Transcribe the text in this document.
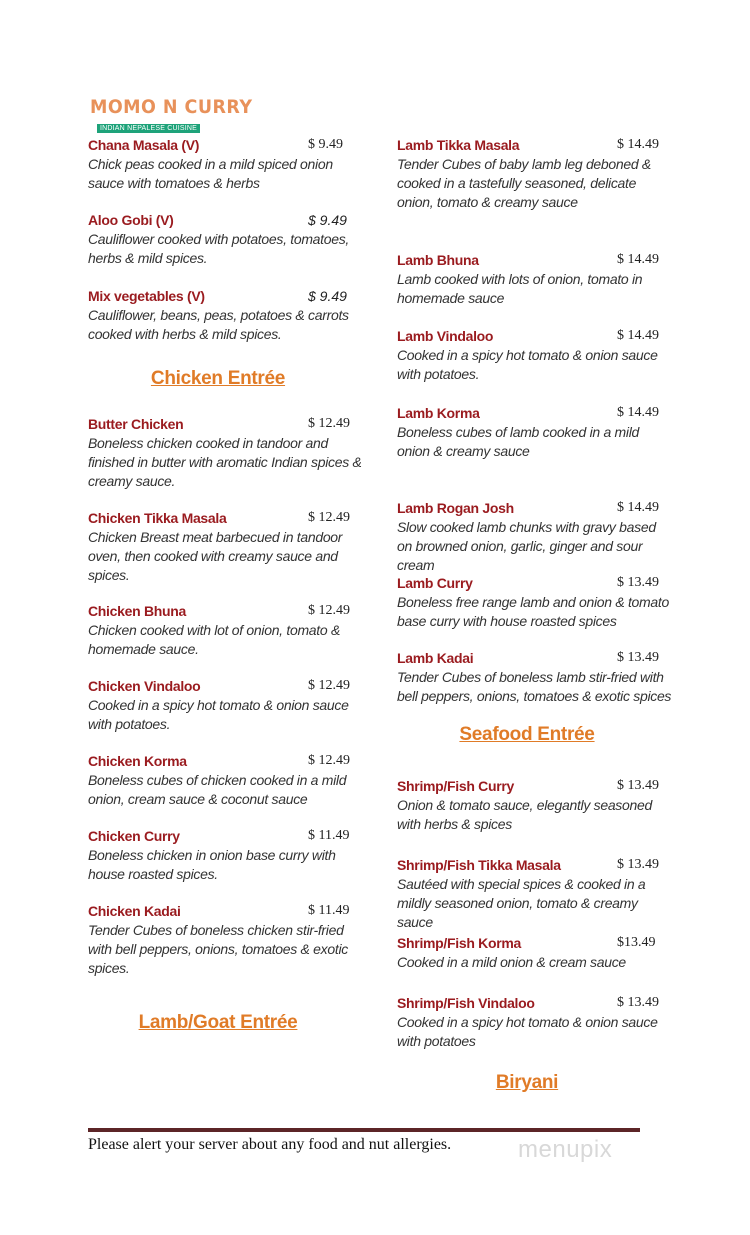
MOMO N CURRY
INDIAN NEPALESE CUISINE
Chana Masala (V)	$ 9.49
Chick peas cooked in a mild spiced onion sauce with tomatoes & herbs
Aloo Gobi (V)	$ 9.49
Cauliflower cooked with potatoes, tomatoes, herbs & mild spices.
Mix vegetables (V)	$ 9.49
Cauliflower, beans, peas, potatoes & carrots cooked with herbs & mild spices.
Chicken Entrée
Butter Chicken	$ 12.49
Boneless chicken cooked in tandoor and finished in butter with aromatic Indian spices & creamy sauce.
Chicken Tikka Masala	$ 12.49
Chicken Breast meat barbecued in tandoor oven, then cooked with creamy sauce and spices.
Chicken Bhuna	$ 12.49
Chicken cooked with lot of onion, tomato & homemade sauce.
Chicken Vindaloo	$ 12.49
Cooked in a spicy hot tomato & onion sauce with potatoes.
Chicken Korma	$ 12.49
Boneless cubes of chicken cooked in a mild onion, cream sauce & coconut sauce
Chicken Curry	$ 11.49
Boneless chicken in onion base curry with house roasted spices.
Chicken Kadai	$ 11.49
Tender Cubes of boneless chicken stir-fried with bell peppers, onions, tomatoes & exotic spices.
Lamb/Goat Entrée
Lamb Tikka Masala	$ 14.49
Tender Cubes of baby lamb leg deboned & cooked in a tastefully seasoned, delicate onion, tomato & creamy sauce
Lamb Bhuna	$ 14.49
Lamb cooked with lots of onion, tomato in homemade sauce
Lamb Vindaloo	$ 14.49
Cooked in a spicy hot tomato & onion sauce with potatoes.
Lamb Korma	$ 14.49
Boneless cubes of lamb cooked in a mild onion & creamy sauce
Lamb Rogan Josh	$ 14.49
Slow cooked lamb chunks with gravy based on browned onion, garlic, ginger and sour cream
Lamb Curry	$ 13.49
Boneless free range lamb and onion & tomato base curry with house roasted spices
Lamb Kadai	$ 13.49
Tender Cubes of boneless lamb stir-fried with bell peppers, onions, tomatoes & exotic spices
Seafood Entrée
Shrimp/Fish Curry	$ 13.49
Onion & tomato sauce, elegantly seasoned with herbs & spices
Shrimp/Fish Tikka Masala	$ 13.49
Sautéed with special spices & cooked in a mildly seasoned onion, tomato & creamy sauce
Shrimp/Fish Korma	$13.49
Cooked in a mild onion & cream sauce
Shrimp/Fish Vindaloo	$ 13.49
Cooked in a spicy hot tomato & onion sauce with potatoes
Biryani
Please alert your server about any food and nut allergies.	menupix
